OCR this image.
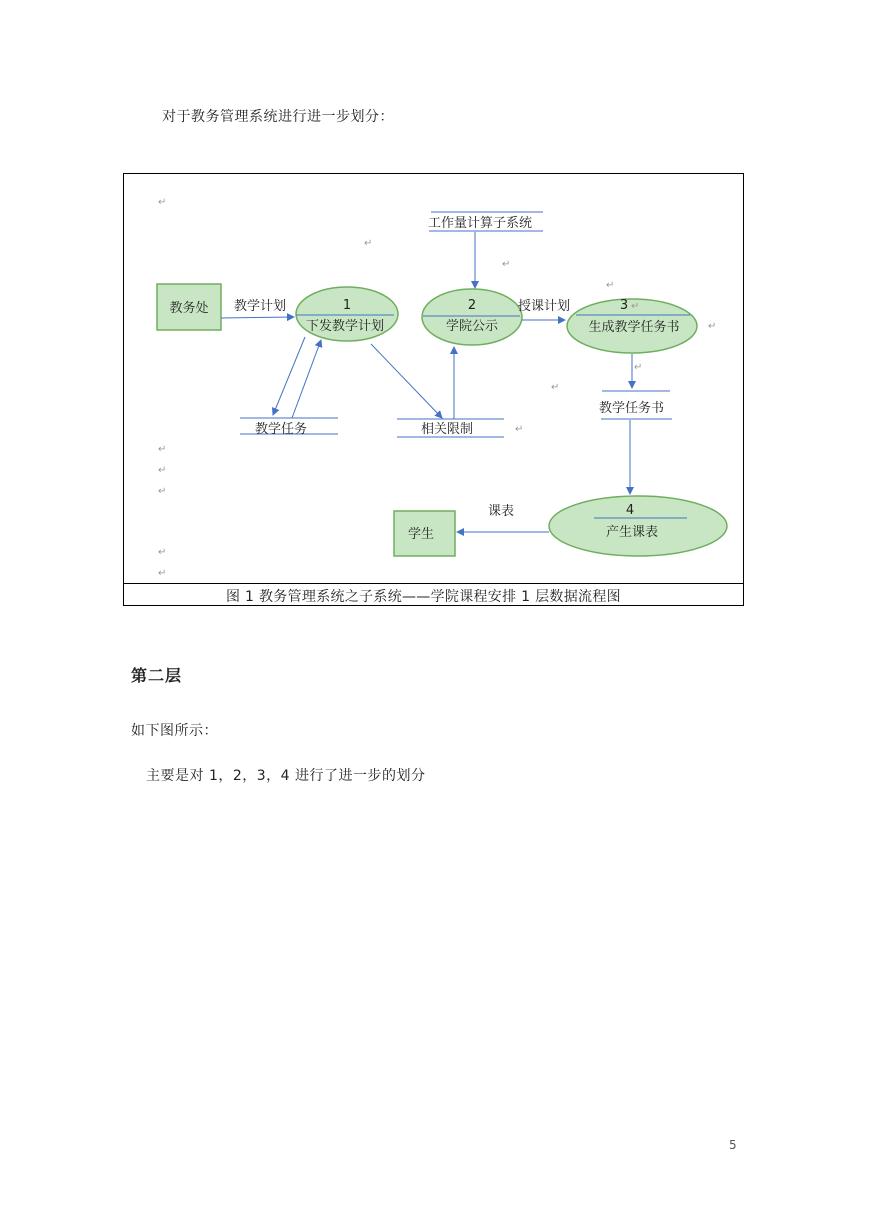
对于教务管理系统进行进一步划分：
↵
↵
↵
↵
↵
↵
↵
↵
↵
↵
↵
↵
↵
教务处
学生
工作量计算子系统
1
下发教学计划
2
学院公示
3 ↵
生成教学任务书
4
产生课表
教学任务	相关限制
教学任务书
教学计划	授课计划
课表
图 1 教务管理系统之子系统——学院课程安排 1 层数据流程图
第二层
如下图所示：
主要是对 1，2，3，4 进行了进一步的划分
5
